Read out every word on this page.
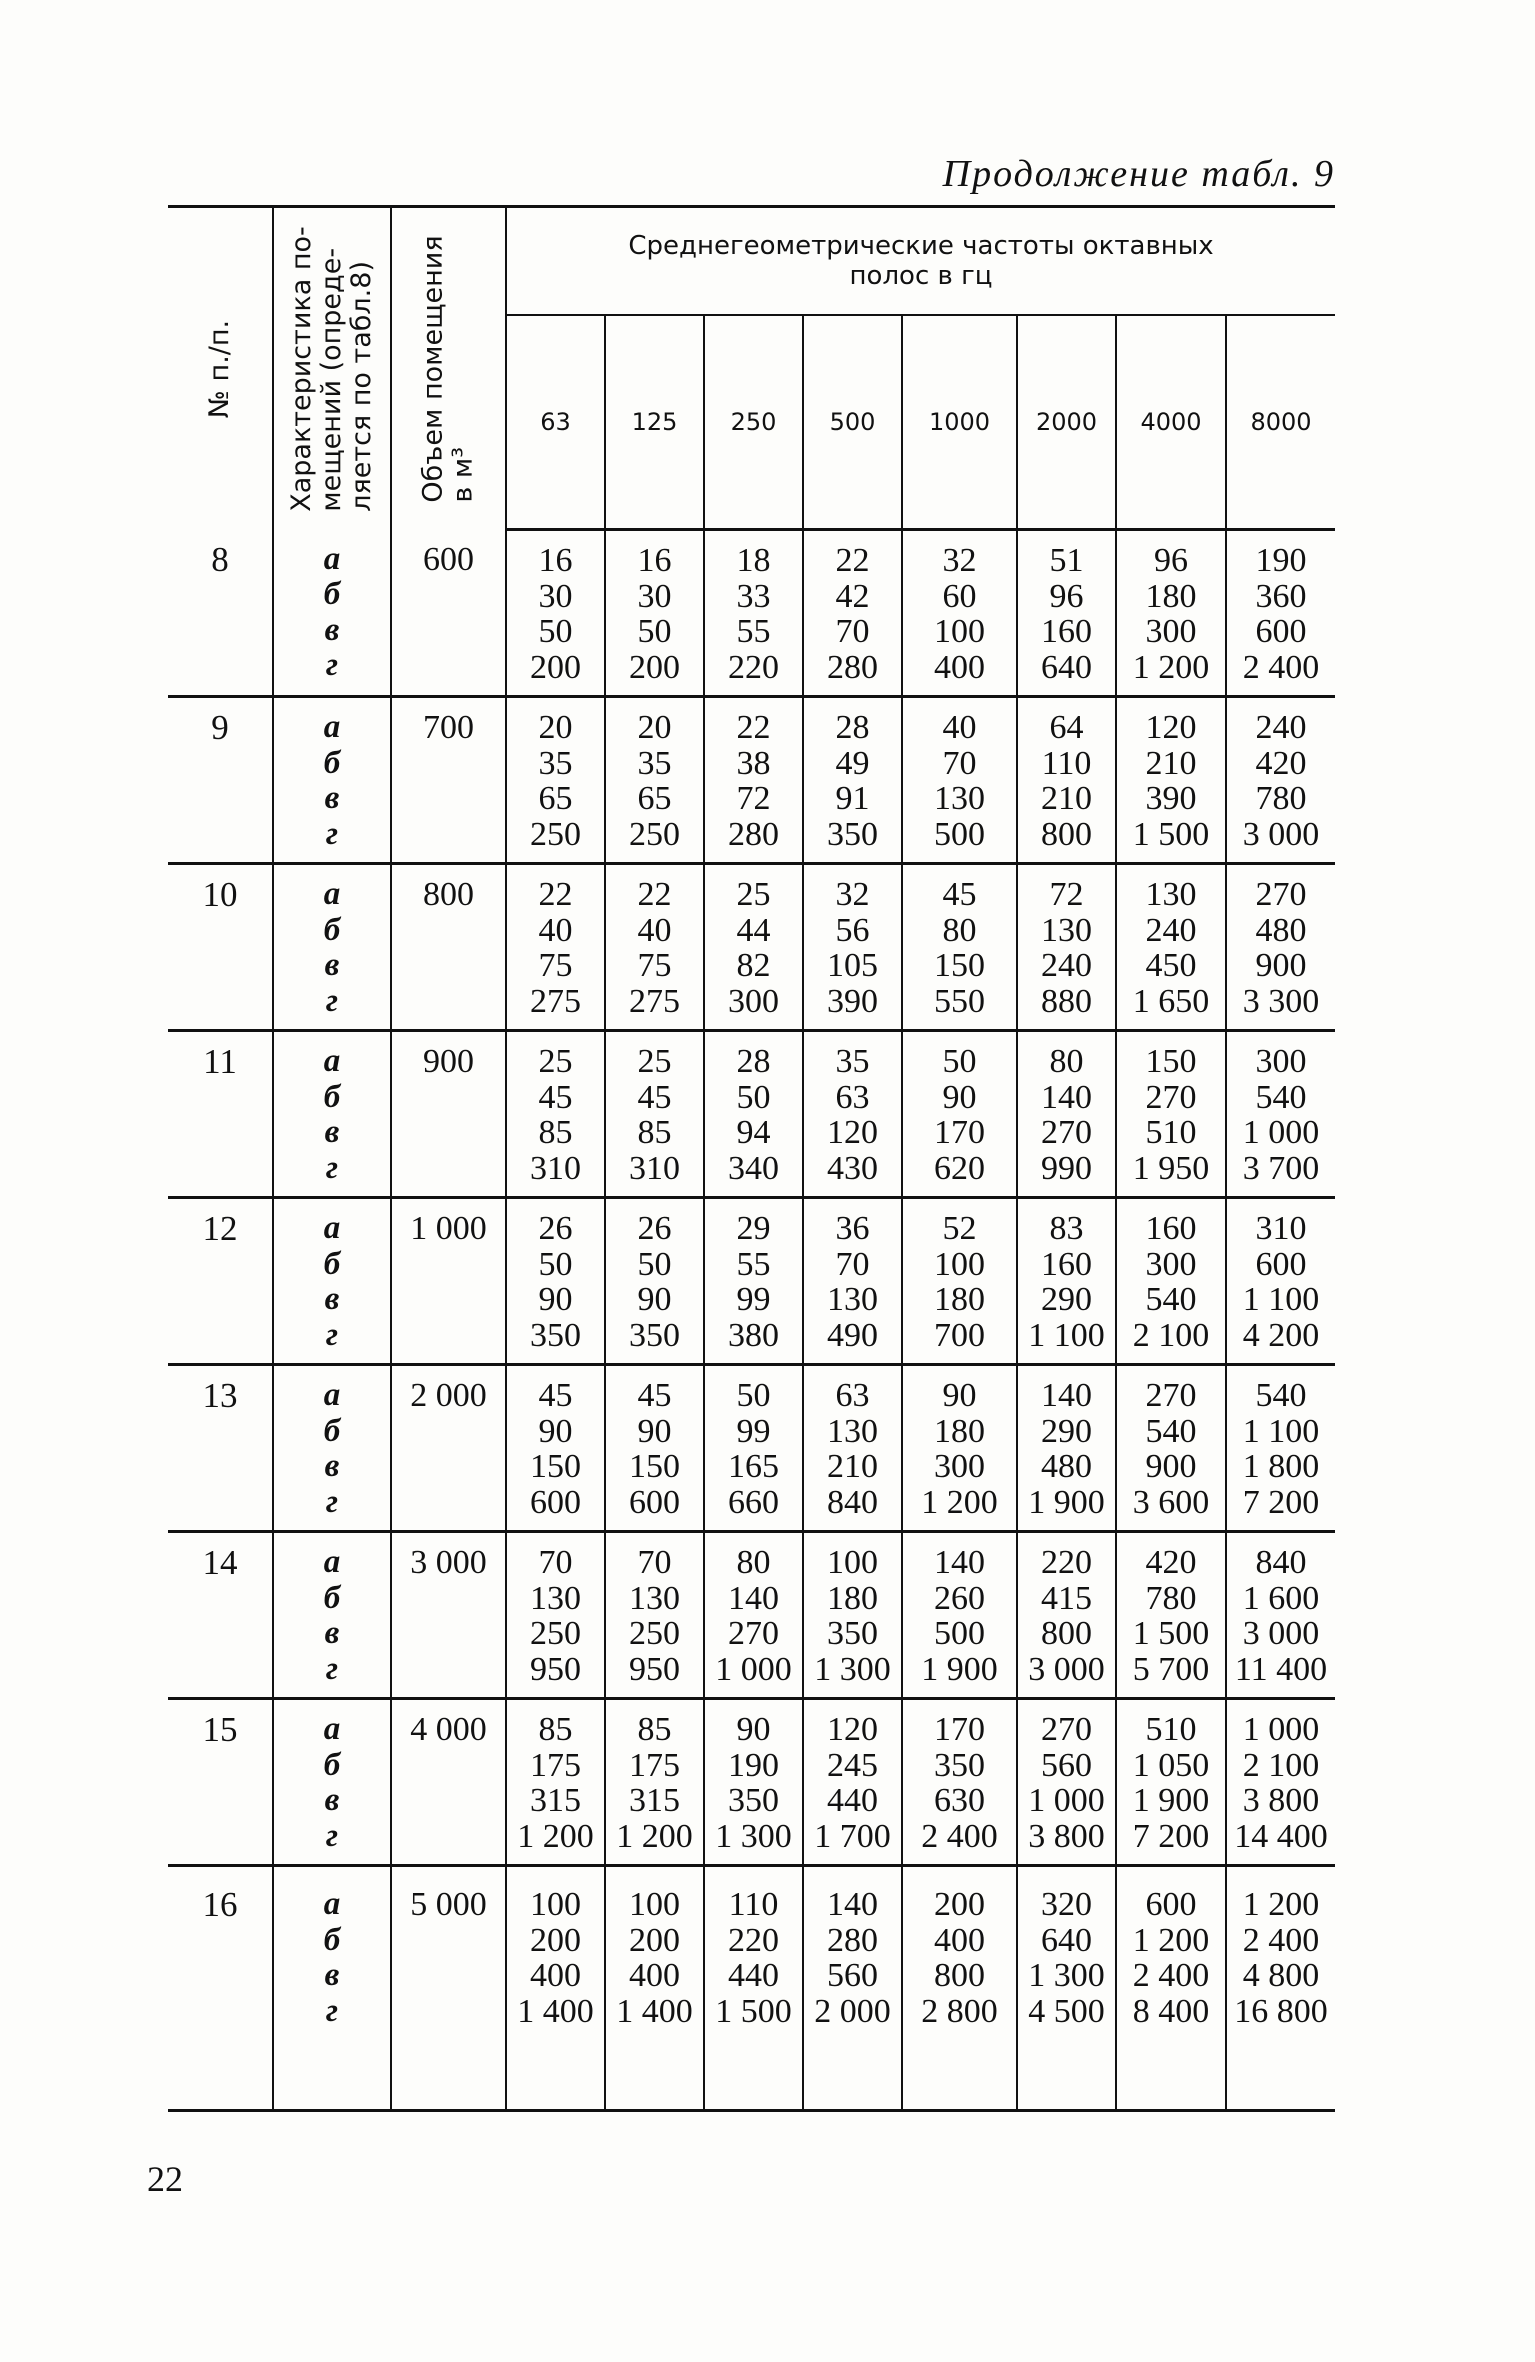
Продолжение табл. 9
№ п./п.	Характеристика по-
мещений (опреде-
ляется по табл.8)	Объем помещения
в м³	Среднегеометрические частоты октавных
полос в гц							
			63	125	250	500	1000	2000	4000	8000
8	а
б
в
г	600	16
30
50
200	16
30
50
200	18
33
55
220	22
42
70
280	32
60
100
400	51
96
160
640	96
180
300
1 200	190
360
600
2 400

9	а
б
в
г	700	20
35
65
250	20
35
65
250	22
38
72
280	28
49
91
350	40
70
130
500	64
110
210
800	120
210
390
1 500	240
420
780
3 000

10	а
б
в
г	800	22
40
75
275	22
40
75
275	25
44
82
300	32
56
105
390	45
80
150
550	72
130
240
880	130
240
450
1 650	270
480
900
3 300

11	а
б
в
г	900	25
45
85
310	25
45
85
310	28
50
94
340	35
63
120
430	50
90
170
620	80
140
270
990	150
270
510
1 950	300
540
1 000
3 700

12	а
б
в
г	1 000	26
50
90
350	26
50
90
350	29
55
99
380	36
70
130
490	52
100
180
700	83
160
290
1 100	160
300
540
2 100	310
600
1 100
4 200

13	а
б
в
г	2 000	45
90
150
600	45
90
150
600	50
99
165
660	63
130
210
840	90
180
300
1 200	140
290
480
1 900	270
540
900
3 600	540
1 100
1 800
7 200

14	а
б
в
г	3 000	70
130
250
950	70
130
250
950	80
140
270
1 000	100
180
350
1 300	140
260
500
1 900	220
415
800
3 000	420
780
1 500
5 700	840
1 600
3 000
11 400

15	а
б
в
г	4 000	85
175
315
1 200	85
175
315
1 200	90
190
350
1 300	120
245
440
1 700	170
350
630
2 400	270
560
1 000
3 800	510
1 050
1 900
7 200	1 000
2 100
3 800
14 400

16	а
б
в
г	5 000	100
200
400
1 400	100
200
400
1 400	110
220
440
1 500	140
280
560
2 000	200
400
800
2 800	320
640
1 300
4 500	600
1 200
2 400
8 400	1 200
2 400
4 800
16 800
22
